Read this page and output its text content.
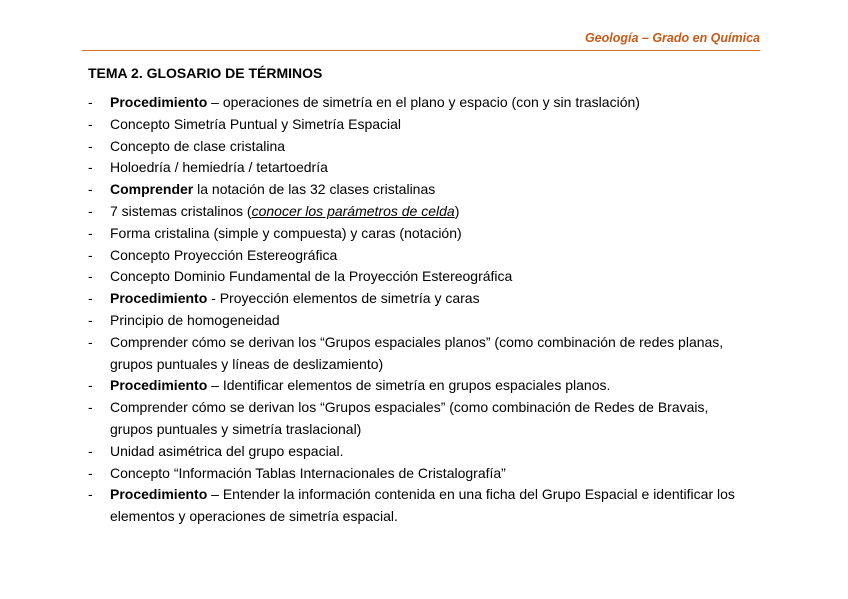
Geología – Grado en Química
TEMA 2. GLOSARIO DE TÉRMINOS
-	Procedimiento – operaciones de simetría en el plano y espacio (con y sin traslación)
-	Concepto Simetría Puntual y Simetría Espacial
-	Concepto de clase cristalina
-	Holoedría / hemiedría / tetartoedría
-	Comprender la notación de las 32 clases cristalinas
-	7 sistemas cristalinos (conocer los parámetros de celda)
-	Forma cristalina (simple y compuesta) y caras (notación)
-	Concepto Proyección Estereográfica
-	Concepto Dominio Fundamental de la Proyección Estereográfica
-	Procedimiento - Proyección elementos de simetría y caras
-	Principio de homogeneidad
-	Comprender cómo se derivan los “Grupos espaciales planos” (como combinación de redes planas, grupos puntuales y líneas de deslizamiento)
-	Procedimiento – Identificar elementos de simetría en grupos espaciales planos.
-	Comprender cómo se derivan los “Grupos espaciales” (como combinación de Redes de Bravais, grupos puntuales y simetría traslacional)
-	Unidad asimétrica del grupo espacial.
-	Concepto “Información Tablas Internacionales de Cristalografía”
-	Procedimiento – Entender la información contenida en una ficha del Grupo Espacial e identificar los elementos y operaciones de simetría espacial.
